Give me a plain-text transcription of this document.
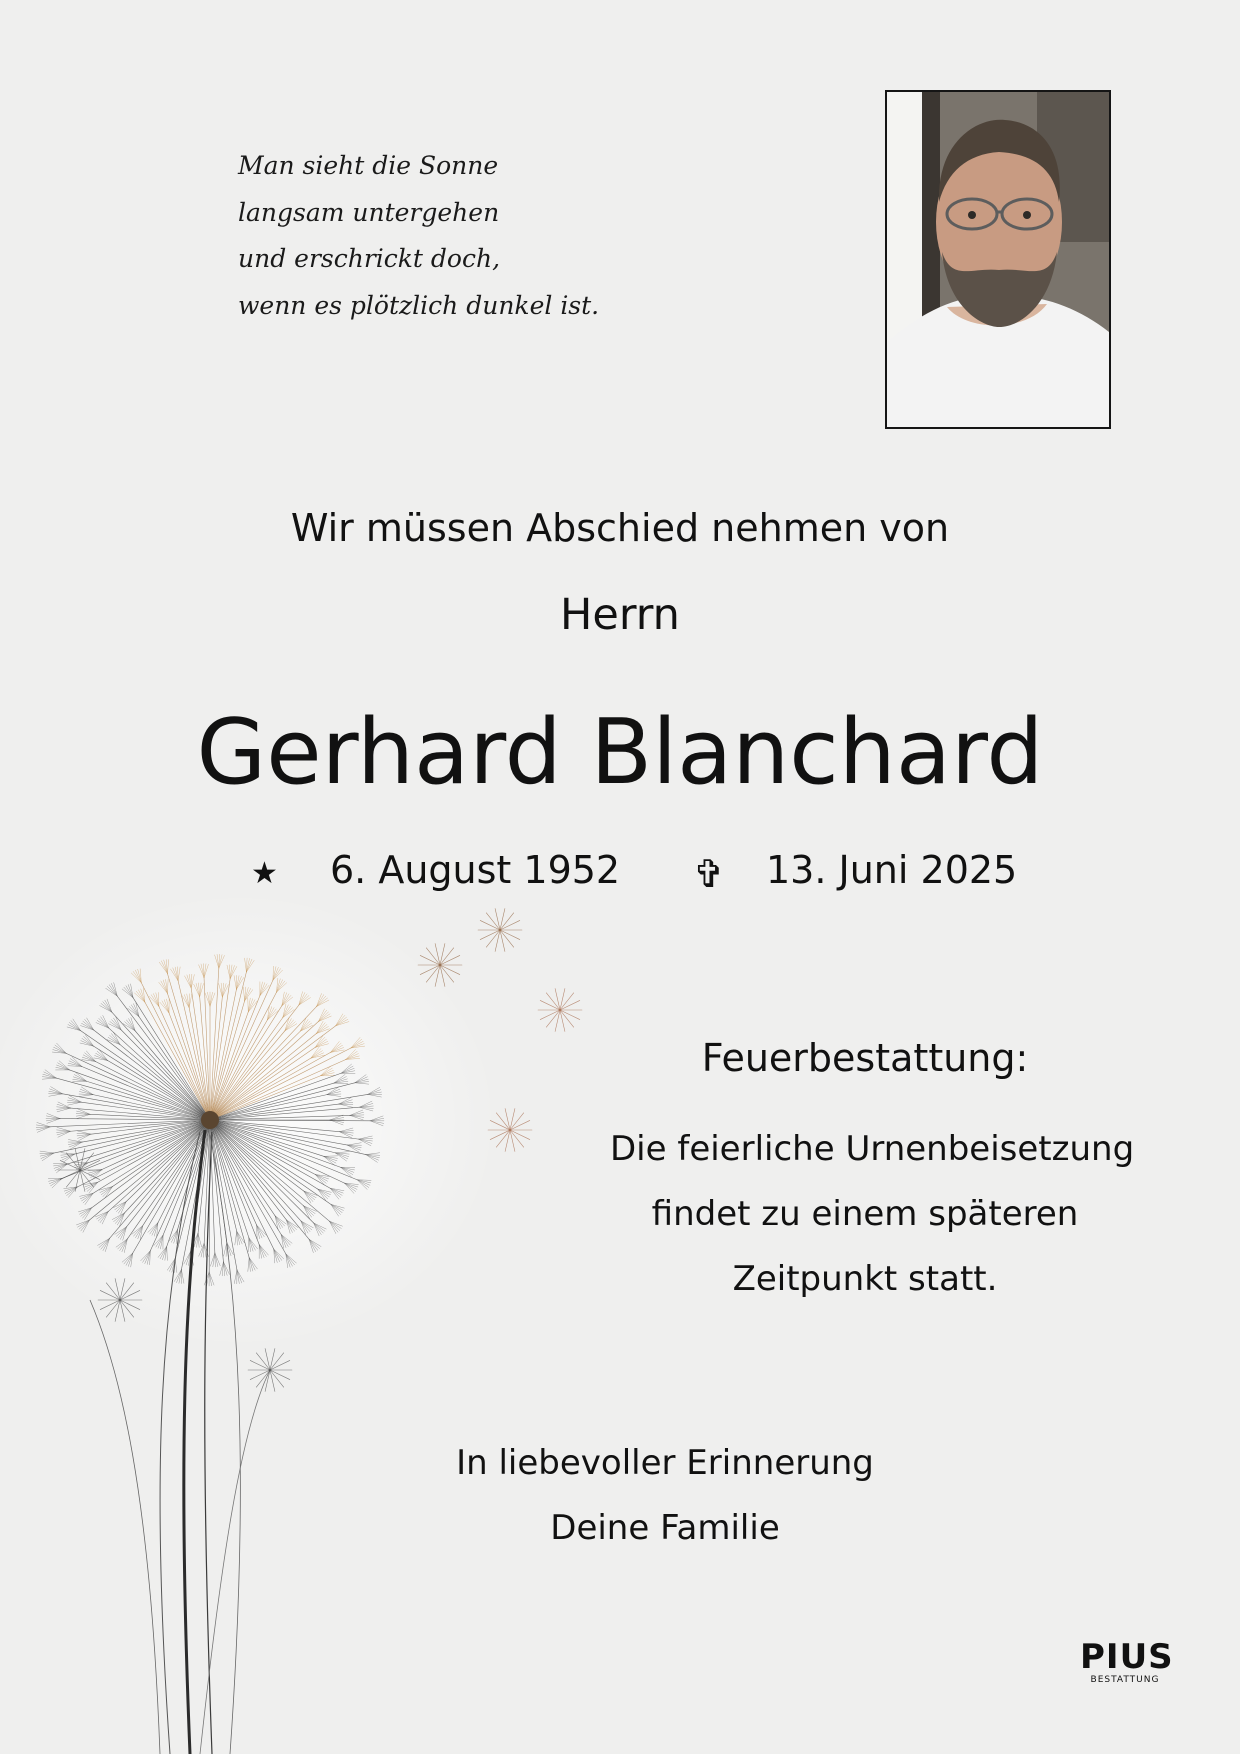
Man sieht die Sonne
langsam untergehen
und erschrickt doch,
wenn es plötzlich dunkel ist.
Wir müssen Abschied nehmen von
Herrn
Gerhard Blanchard
★ 6. August 1952 ✞ 13. Juni 2025
Feuerbestattung:
Die feierliche Urnenbeisetzung
findet zu einem späteren
Zeitpunkt statt.
In liebevoller Erinnerung
Deine Familie
PIUS
BESTATTUNG
